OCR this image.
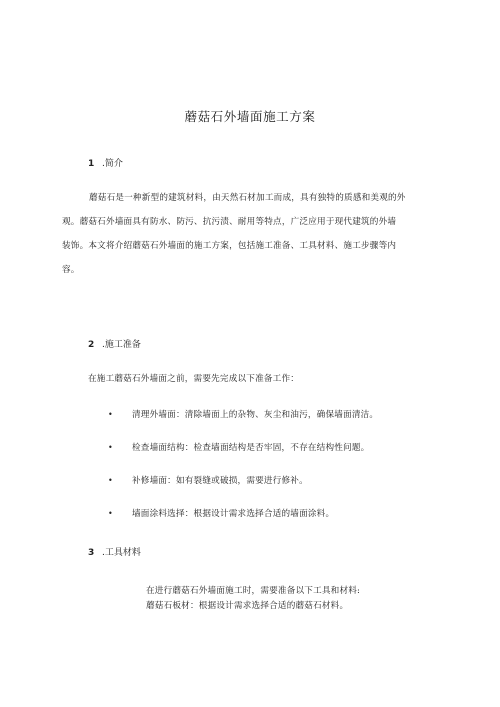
蘑菇石外墙面施工方案
1 .简介
蘑菇石是一种新型的建筑材料，由天然石材加工而成，具有独特的质感和美观的外
观。蘑菇石外墙面具有防水、防污、抗污渍、耐用等特点，广泛应用于现代建筑的外墙
装饰。本文将介绍蘑菇石外墙面的施工方案，包括施工准备、工具材料、施工步骤等内
容。
2 .施工准备
在施工蘑菇石外墙面之前，需要先完成以下准备工作：
• 清理外墙面：清除墙面上的杂物、灰尘和油污，确保墙面清洁。
• 检查墙面结构：检查墙面结构是否牢固，不存在结构性问题。
• 补修墙面：如有裂缝或破损，需要进行修补。
• 墙面涂料选择：根据设计需求选择合适的墙面涂料。
3 .工具材料
在进行蘑菇石外墙面施工时，需要准备以下工具和材料:
蘑菇石板材：根据设计需求选择合适的蘑菇石材料。
